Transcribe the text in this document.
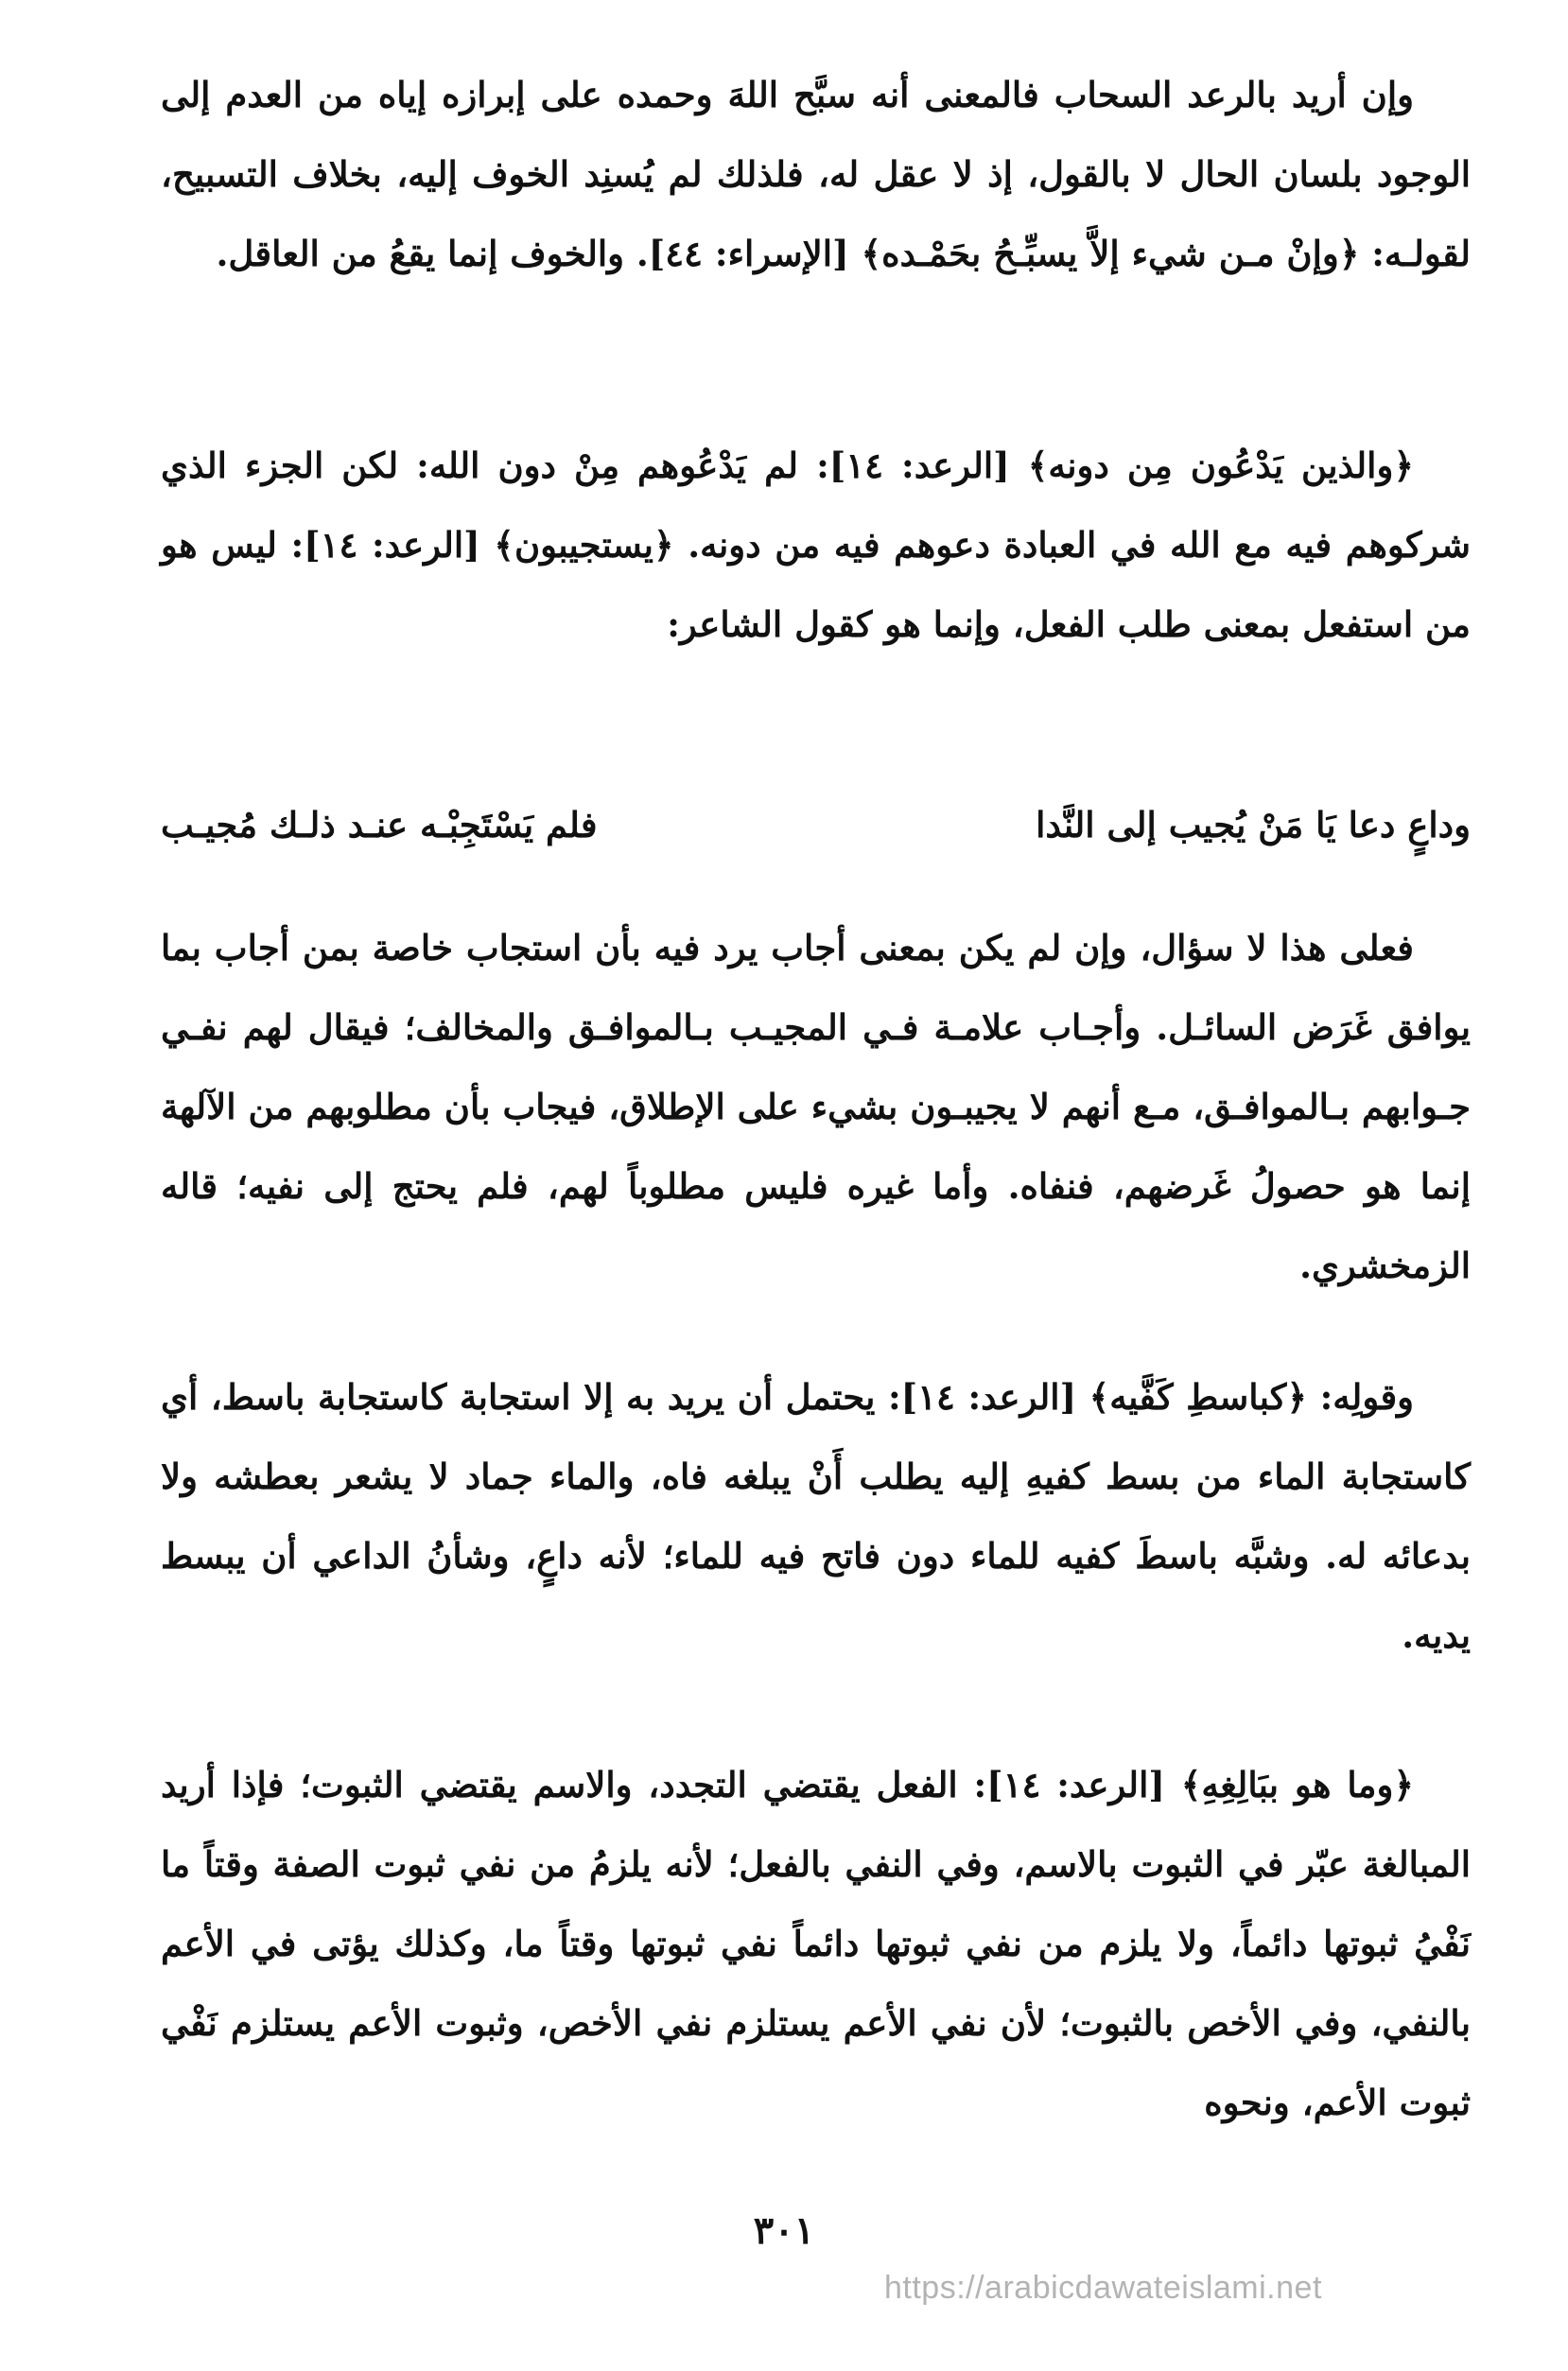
وإن أريد بالرعد السحاب فالمعنى أنه سبَّح اللهَ وحمده على إبرازه إياه من العدم إلى الوجود بلسان الحال لا بالقول، إذ لا عقل له، فلذلك لم يُسنِد الخوف إليه، بخلاف التسبيح، لقولـه: ﴿وإنْ مـن شيء إلاَّ يسبِّـحُ بحَمْـده﴾ [الإسراء: ٤٤]. والخوف إنما يقعُ من العاقل.

﴿والذين يَدْعُون مِن دونه﴾ [الرعد: ١٤]: لم يَدْعُوهم مِنْ دون الله: لكن الجزء الذي شركوهم فيه مع الله في العبادة دعوهم فيه من دونه. ﴿يستجيبون﴾ [الرعد: ١٤]: ليس هو من استفعل بمعنى طلب الفعل، وإنما هو كقول الشاعر:

وداعٍ دعا يَا مَنْ يُجيب إلى النَّدا
فلم يَسْتَجِبْـه عنـد ذلـك مُجيـب

فعلى هذا لا سؤال، وإن لم يكن بمعنى أجاب يرد فيه بأن استجاب خاصة بمن أجاب بما يوافق غَرَض السائـل. وأجـاب علامـة فـي المجيـب بـالموافـق والمخالف؛ فيقال لهم نفـي جـوابهم بـالموافـق، مـع أنهم لا يجيبـون بشيء على الإطلاق، فيجاب بأن مطلوبهم من الآلهة إنما هو حصولُ غَرضهم، فنفاه. وأما غيره فليس مطلوباً لهم، فلم يحتج إلى نفيه؛ قاله الزمخشري.

وقولِه: ﴿كباسطِ كَفَّيه﴾ [الرعد: ١٤]: يحتمل أن يريد به إلا استجابة كاستجابة باسط، أي كاستجابة الماء من بسط كفيهِ إليه يطلب أَنْ يبلغه فاه، والماء جماد لا يشعر بعطشه ولا بدعائه له. وشبَّه باسطَ كفيه للماء دون فاتح فيه للماء؛ لأنه داعٍ، وشأنُ الداعي أن يبسط يديه.

﴿وما هو ببَالِغِهِ﴾ [الرعد: ١٤]: الفعل يقتضي التجدد، والاسم يقتضي الثبوت؛ فإذا أريد المبالغة عبّر في الثبوت بالاسم، وفي النفي بالفعل؛ لأنه يلزمُ من نفي ثبوت الصفة وقتاً ما نَفْيُ ثبوتها دائماً، ولا يلزم من نفي ثبوتها دائماً نفي ثبوتها وقتاً ما، وكذلك يؤتى في الأعم بالنفي، وفي الأخص بالثبوت؛ لأن نفي الأعم يستلزم نفي الأخص، وثبوت الأعم يستلزم نَفْي ثبوت الأعم، ونحوه

٣٠١
https://arabicdawateislami.net
